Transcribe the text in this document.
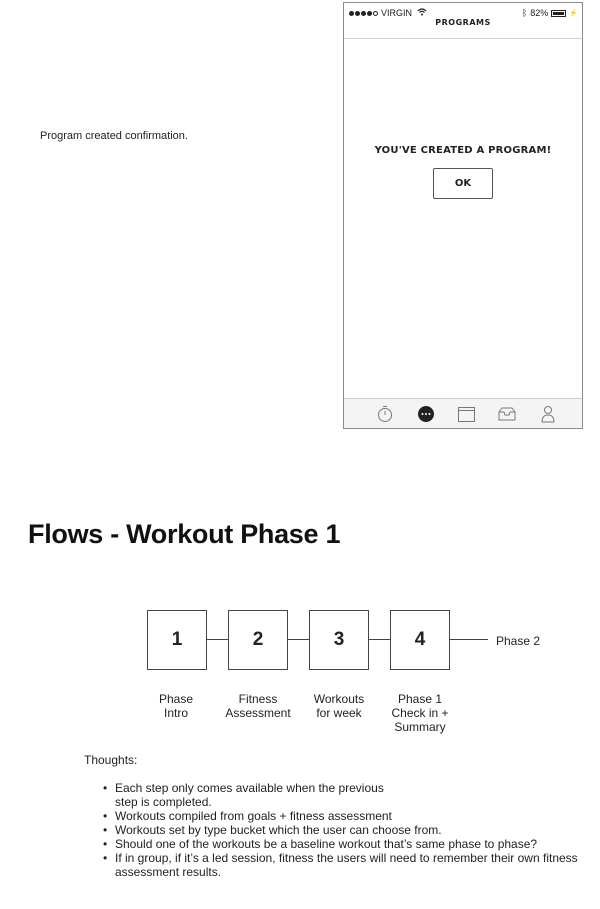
Program created confirmation.
VIRGIN
PROGRAMS
ᛒ 82%	⚡
YOU'VE CREATED A PROGRAM!
OK
Flows - Workout Phase 1
1	2	3	4	Phase 2
Phase
Intro
Fitness
Assessment
Workouts
for week
Phase 1
Check in +
Summary
Thoughts:
• Each step only comes available when the previous
step is completed.
• Workouts compiled from goals + fitness assessment
• Workouts set by type bucket which the user can choose from.
• Should one of the workouts be a baseline workout that’s same phase to phase?
• If in group, if it’s a led session, fitness the users will need to remember their own fitness
assessment results.
